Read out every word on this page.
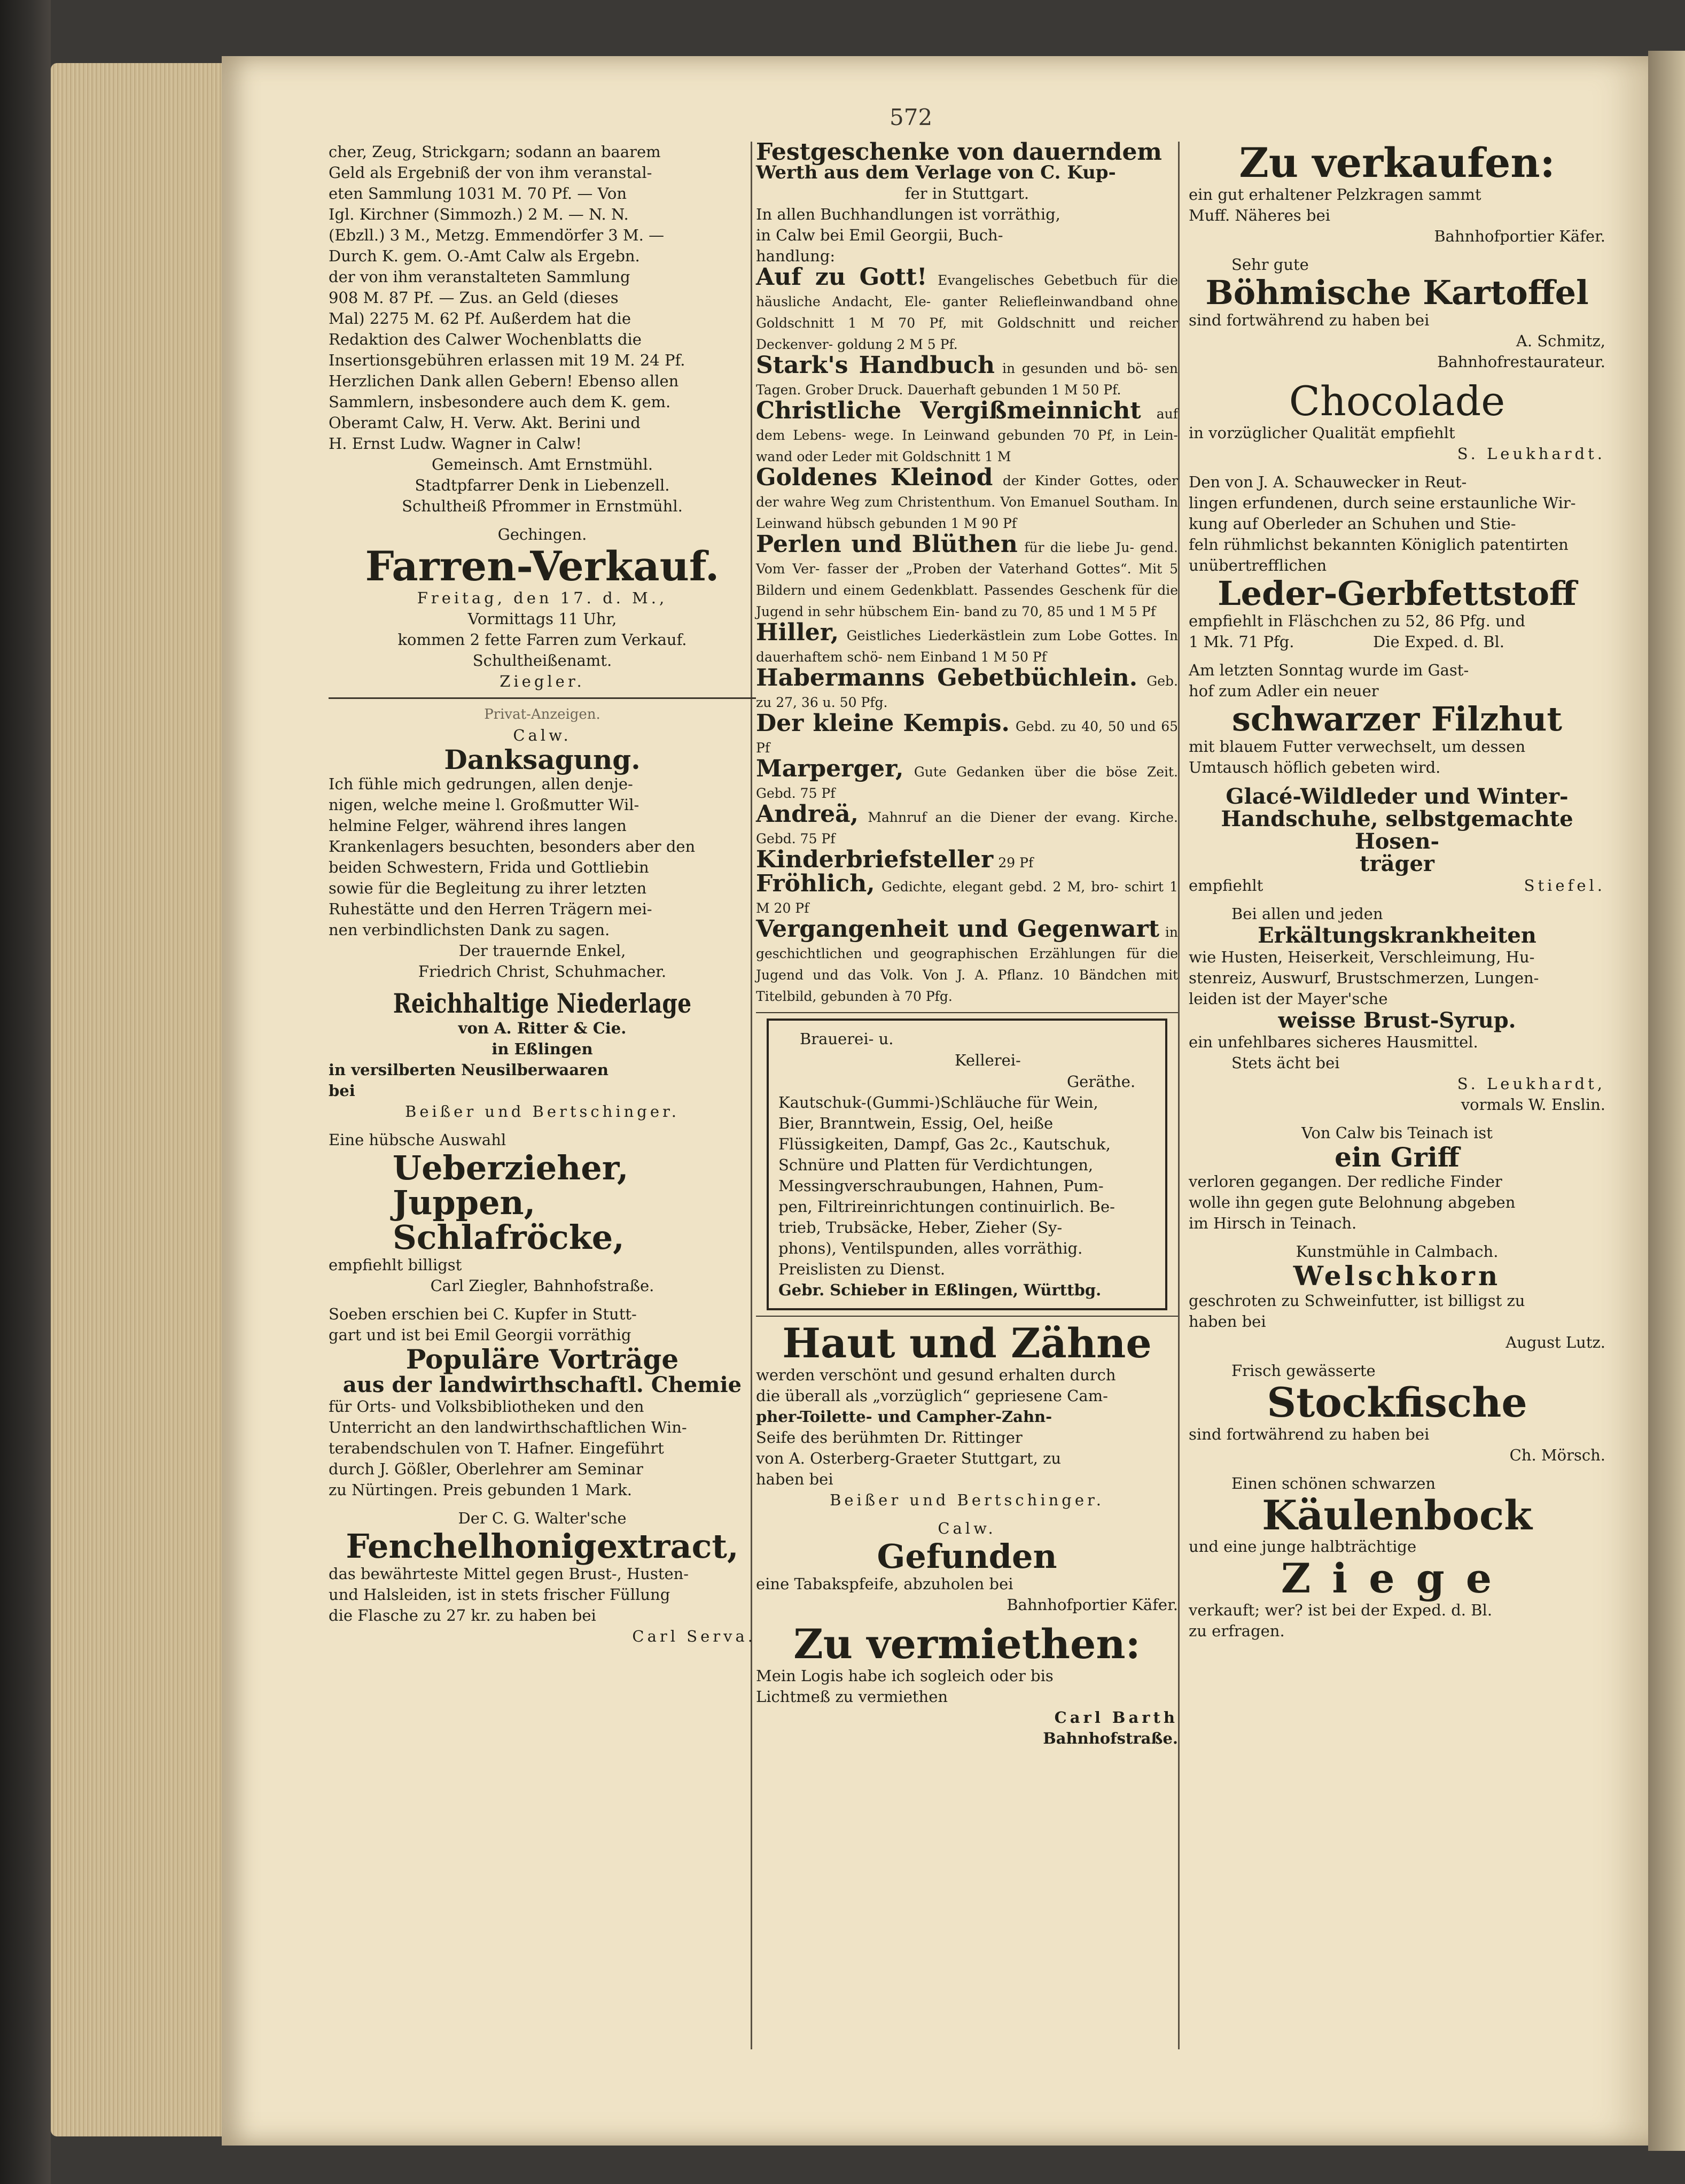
572

cher, Zeug, Strickgarn; sodann an baarem

Geld als Ergebniß der von ihm veranstal-

eten Sammlung 1031 M. 70 Pf. — Von

Igl. Kirchner (Simmozh.) 2 M. — N. N.

(Ebzll.) 3 M., Metzg. Emmendörfer 3 M. —

Durch K. gem. O.-Amt Calw als Ergebn.

der von ihm veranstalteten Sammlung

908 M. 87 Pf. — Zus. an Geld (dieses

Mal) 2275 M. 62 Pf. Außerdem hat die

Redaktion des Calwer Wochenblatts die

Insertionsgebühren erlassen mit 19 M. 24 Pf.

Herzlichen Dank allen Gebern! Ebenso allen

Sammlern, insbesondere auch dem K. gem.

Oberamt Calw, H. Verw. Akt. Berini und

H. Ernst Ludw. Wagner in Calw!

Gemeinsch. Amt Ernstmühl.

Stadtpfarrer Denk in Liebenzell.

Schultheiß Pfrommer in Ernstmühl.

Gechingen.

Farren-Verkauf.

Freitag, den 17. d. M.,

Vormittags 11 Uhr,

kommen 2 fette Farren zum Verkauf.

Schultheißenamt.

Ziegler.

Privat-Anzeigen.

Calw.

Danksagung.

Ich fühle mich gedrungen, allen denje-

nigen, welche meine l. Großmutter Wil-

helmine Felger, während ihres langen

Krankenlagers besuchten, besonders aber den

beiden Schwestern, Frida und Gottliebin

sowie für die Begleitung zu ihrer letzten

Ruhestätte und den Herren Trägern mei-

nen verbindlichsten Dank zu sagen.

Der trauernde Enkel,

Friedrich Christ, Schuhmacher.

Reichhaltige Niederlage

von A. Ritter & Cie.

in Eßlingen

in versilberten Neusilberwaaren

bei

Beißer und Bertschinger.

Eine hübsche Auswahl

Ueberzieher,
Juppen,
Schlafröcke,

empfiehlt billigst

Carl Ziegler, Bahnhofstraße.

Soeben erschien bei C. Kupfer in Stutt-

gart und ist bei Emil Georgii vorräthig

Populäre Vorträge
aus der landwirthschaftl. Chemie

für Orts- und Volksbibliotheken und den

Unterricht an den landwirthschaftlichen Win-

terabendschulen von T. Hafner. Eingeführt

durch J. Gößler, Oberlehrer am Seminar

zu Nürtingen. Preis gebunden 1 Mark.

Der C. G. Walter'sche

Fenchelhonigextract,

das bewährteste Mittel gegen Brust-, Husten-

und Halsleiden, ist in stets frischer Füllung

die Flasche zu 27 kr. zu haben bei

Carl Serva.

Festgeschenke von dauerndem

Werth aus dem Verlage von C. Kup-

fer in Stuttgart.

In allen Buchhandlungen ist vorräthig,

in Calw bei Emil Georgii, Buch-

handlung:

Auf zu Gott! Evangelisches Gebetbuch für die häusliche Andacht, Ele- ganter Reliefleinwandband ohne Goldschnitt 1 M 70 Pf, mit Goldschnitt und reicher Deckenver- goldung 2 M 5 Pf.

Stark's Handbuch in gesunden und bö- sen Tagen. Grober Druck. Dauerhaft gebunden 1 M 50 Pf.

Christliche Vergißmeinnicht auf dem Lebens- wege. In Leinwand gebunden 70 Pf, in Lein- wand oder Leder mit Goldschnitt 1 M

Goldenes Kleinod der Kinder Gottes, oder der wahre Weg zum Christenthum. Von Emanuel Southam. In Leinwand hübsch gebunden 1 M 90 Pf

Perlen und Blüthen für die liebe Ju- gend. Vom Ver- fasser der „Proben der Vaterhand Gottes“. Mit 5 Bildern und einem Gedenkblatt. Passendes Geschenk für die Jugend in sehr hübschem Ein- band zu 70, 85 und 1 M 5 Pf

Hiller, Geistliches Liederkästlein zum Lobe Gottes. In dauerhaftem schö- nem Einband 1 M 50 Pf

Habermanns Gebetbüchlein. Geb. zu 27, 36 u. 50 Pfg.

Der kleine Kempis. Gebd. zu 40, 50 und 65 Pf

Marperger, Gute Gedanken über die böse Zeit. Gebd. 75 Pf

Andreä, Mahnruf an die Diener der evang. Kirche. Gebd. 75 Pf

Kinderbriefsteller 29 Pf

Fröhlich, Gedichte, elegant gebd. 2 M, bro- schirt 1 M 20 Pf

Vergangenheit und Gegenwart in geschichtlichen und geographischen Erzählungen für die Jugend und das Volk. Von J. A. Pflanz. 10 Bändchen mit Titelbild, gebunden à 70 Pfg.

Brauerei- u.

Kellerei-

Geräthe.

Kautschuk-(Gummi-)Schläuche für Wein,

Bier, Branntwein, Essig, Oel, heiße

Flüssigkeiten, Dampf, Gas 2c., Kautschuk,

Schnüre und Platten für Verdichtungen,

Messingverschraubungen, Hahnen, Pum-

pen, Filtrireinrichtungen continuirlich. Be-

trieb, Trubsäcke, Heber, Zieher (Sy-

phons), Ventilspunden, alles vorräthig.

Preislisten zu Dienst.

Gebr. Schieber in Eßlingen, Württbg.

Haut und Zähne

werden verschönt und gesund erhalten durch

die überall als „vorzüglich“ gepriesene Cam-

pher-Toilette- und Campher-Zahn-

Seife des berühmten Dr. Rittinger

von A. Osterberg-Graeter Stuttgart, zu

haben bei

Beißer und Bertschinger.

Calw.

Gefunden

eine Tabakspfeife, abzuholen bei

Bahnhofportier Käfer.

Zu vermiethen:

Mein Logis habe ich sogleich oder bis

Lichtmeß zu vermiethen

Carl Barth

Bahnhofstraße.

Zu verkaufen:

ein gut erhaltener Pelzkragen sammt

Muff. Näheres bei

Bahnhofportier Käfer.

Sehr gute

Böhmische Kartoffel

sind fortwährend zu haben bei

A. Schmitz,

Bahnhofrestaurateur.

Chocolade

in vorzüglicher Qualität empfiehlt

S. Leukhardt.

Den von J. A. Schauwecker in Reut-

lingen erfundenen, durch seine erstaunliche Wir-

kung auf Oberleder an Schuhen und Stie-

feln rühmlichst bekannten Königlich patentirten

unübertrefflichen

Leder-Gerbfettstoff

empfiehlt in Fläschchen zu 52, 86 Pfg. und

1 Mk. 71 Pfg.                Die Exped. d. Bl.

Am letzten Sonntag wurde im Gast-

hof zum Adler ein neuer

schwarzer Filzhut

mit blauem Futter verwechselt, um dessen

Umtausch höflich gebeten wird.

Glacé-Wildleder und Winter-
Handschuhe, selbstgemachte Hosen-
träger

empfiehlt	Stiefel.

Bei allen und jeden

Erkältungskrankheiten

wie Husten, Heiserkeit, Verschleimung, Hu-

stenreiz, Auswurf, Brustschmerzen, Lungen-

leiden ist der Mayer'sche

weisse Brust-Syrup.

ein unfehlbares sicheres Hausmittel.

Stets ächt bei

S. Leukhardt,

vormals W. Enslin.

Von Calw bis Teinach ist

ein Griff

verloren gegangen. Der redliche Finder

wolle ihn gegen gute Belohnung abgeben

im Hirsch in Teinach.

Kunstmühle in Calmbach.

Welschkorn

geschroten zu Schweinfutter, ist billigst zu

haben bei

August Lutz.

Frisch gewässerte

Stockfische

sind fortwährend zu haben bei

Ch. Mörsch.

Einen schönen schwarzen

Käulenbock

und eine junge halbträchtige

Ziege

verkauft; wer? ist bei der Exped. d. Bl.

zu erfragen.
